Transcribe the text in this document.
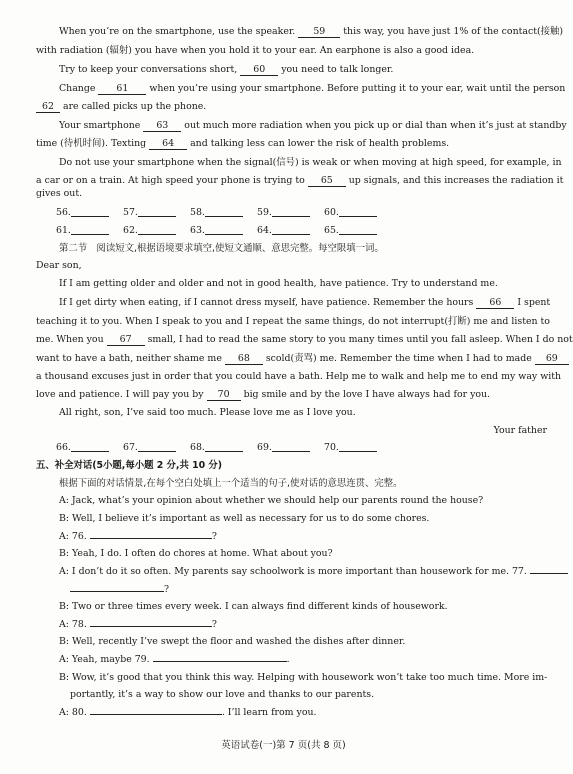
When you’re on the smartphone, use the speaker. 59 this way, you have just 1% of the contact(接触)
with radiation (辐射) you have when you hold it to your ear. An earphone is also a good idea.
Try to keep your conversations short, 60 you need to talk longer.
Change 61 when you’re using your smartphone. Before putting it to your ear, wait until the person
62 are called picks up the phone.
Your smartphone 63 out much more radiation when you pick up or dial than when it’s just at standby
time (待机时间). Texting 64 and talking less can lower the risk of health problems.
Do not use your smartphone when the signal(信号) is weak or when moving at high speed, for example, in
a car or on a train. At high speed your phone is trying to 65 up signals, and this increases the radiation it
gives out.
56.	57.	58.	59.	60.
61.	62.	63.	64.	65.
第二节　阅读短文,根据语境要求填空,使短文通顺、意思完整。每空限填一词。
Dear son,
If I am getting older and older and not in good health, have patience. Try to understand me.
If I get dirty when eating, if I cannot dress myself, have patience. Remember the hours 66 I spent
teaching it to you. When I speak to you and I repeat the same things, do not interrupt(打断) me and listen to
me. When you 67 small, I had to read the same story to you many times until you fall asleep. When I do not
want to have a bath, neither shame me 68 scold(责骂) me. Remember the time when I had to made 69
a thousand excuses just in order that you could have a bath. Help me to walk and help me to end my way with
love and patience. I will pay you by 70 big smile and by the love I have always had for you.
All right, son, I’ve said too much. Please love me as I love you.
Your father
66.	67.	68.	69.	70.
五、补全对话(5小题,每小题 2 分,共 10 分)
根据下面的对话情景,在每个空白处填上一个适当的句子,使对话的意思连贯、完整。
A: Jack, what’s your opinion about whether we should help our parents round the house?
B: Well, I believe it’s important as well as necessary for us to do some chores.
A: 76.	?
B: Yeah, I do. I often do chores at home. What about you?
A: I don’t do it so often. My parents say schoolwork is more important than housework for me. 77.
?
B: Two or three times every week. I can always find different kinds of housework.
A: 78.	?
B: Well, recently I’ve swept the floor and washed the dishes after dinner.
A: Yeah, maybe 79.	.
B: Wow, it’s good that you think this way. Helping with housework won’t take too much time. More im-
portantly, it’s a way to show our love and thanks to our parents.
A: 80.	. I’ll learn from you.
英语试卷(一)第 7 页(共 8 页)
